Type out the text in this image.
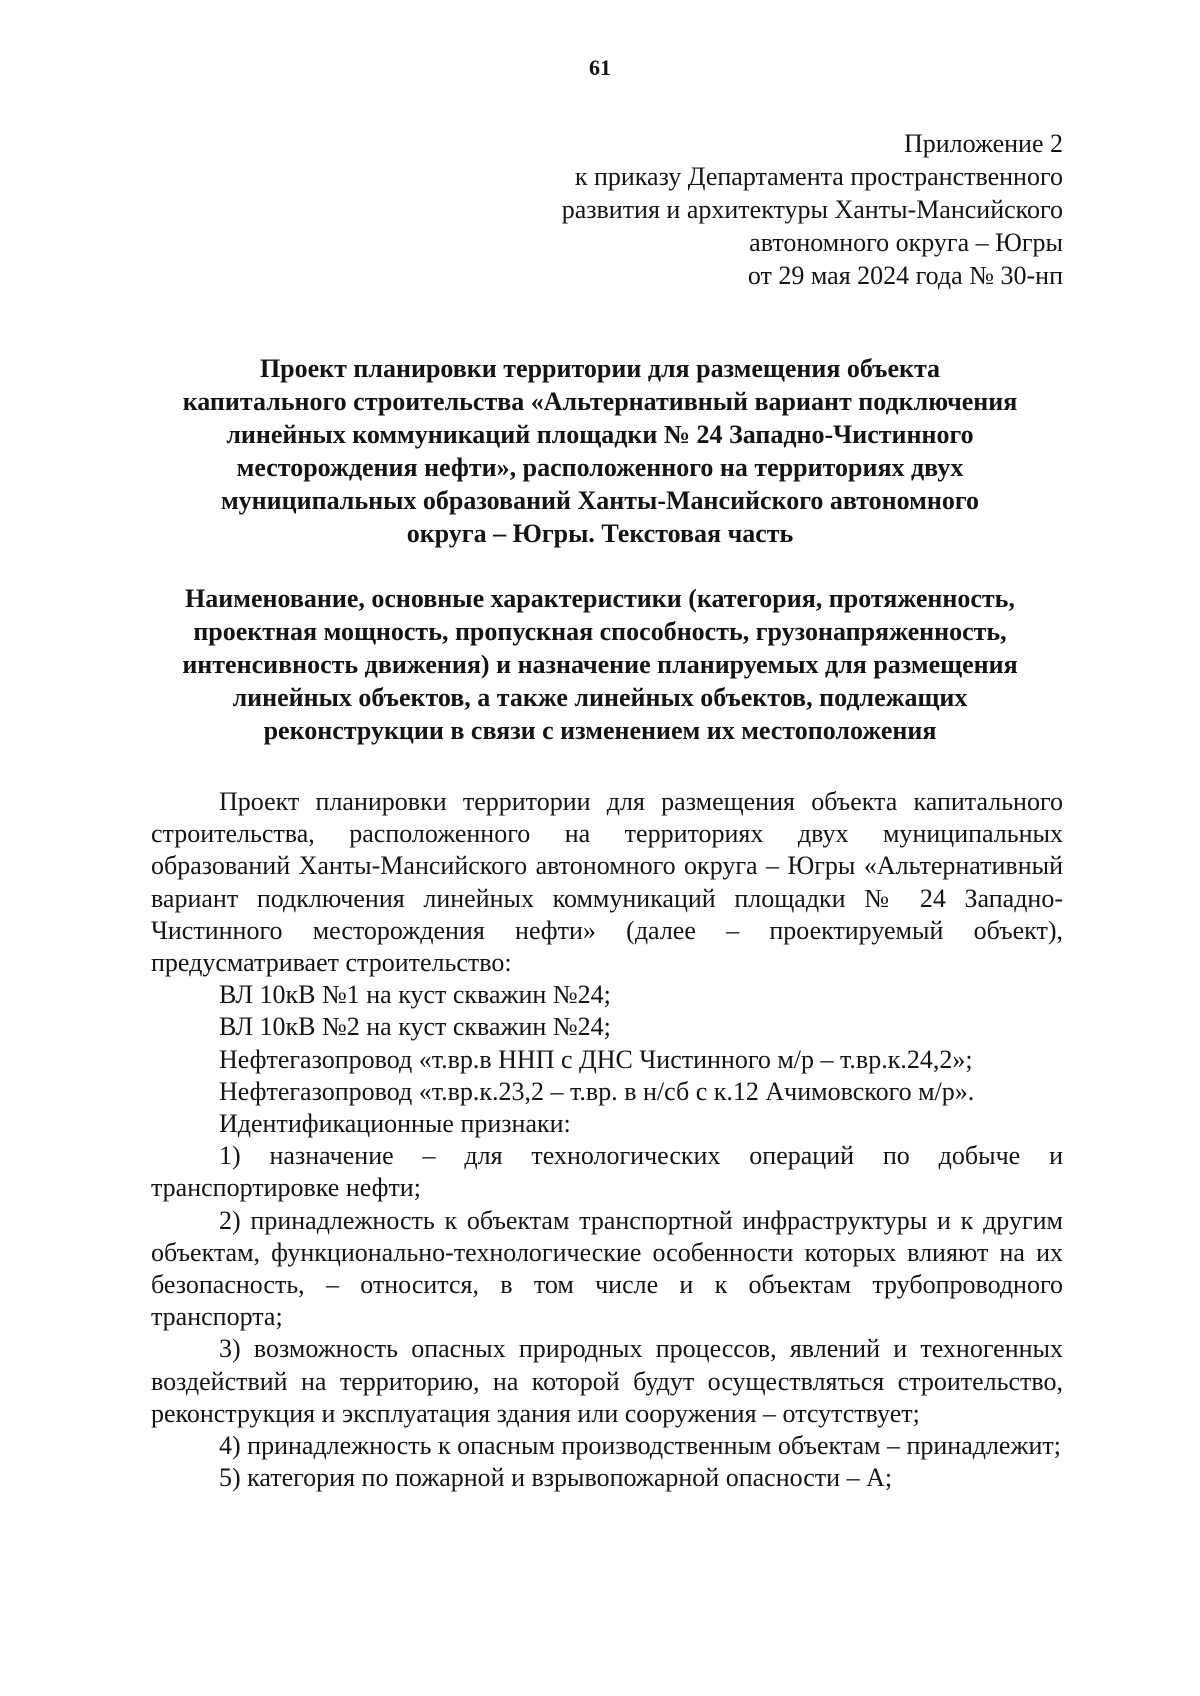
61
Приложение 2
к приказу Департамента пространственного
развития и архитектуры Ханты-Мансийского
автономного округа – Югры
от 29 мая 2024 года № 30-нп
Проект планировки территории для размещения объекта
капитального строительства «Альтернативный вариант подключения
линейных коммуникаций площадки № 24 Западно-Чистинного
месторождения нефти», расположенного на территориях двух
муниципальных образований Ханты-Мансийского автономного
округа – Югры. Текстовая часть
Наименование, основные характеристики (категория, протяженность,
проектная мощность, пропускная способность, грузонапряженность,
интенсивность движения) и назначение планируемых для размещения
линейных объектов, а также линейных объектов, подлежащих
реконструкции в связи с изменением их местоположения

Проект планировки территории для размещения объекта капитального строительства, расположенного на территориях двух муниципальных образований Ханты-Мансийского автономного округа – Югры «Альтернативный вариант подключения линейных коммуникаций площадки № 24 Западно-Чистинного месторождения нефти» (далее – проектируемый объект), предусматривает строительство:

ВЛ 10кВ №1 на куст скважин №24;

ВЛ 10кВ №2 на куст скважин №24;

Нефтегазопровод «т.вр.в ННП с ДНС Чистинного м/р – т.вр.к.24,2»;

Нефтегазопровод «т.вр.к.23,2 – т.вр. в н/сб с к.12 Ачимовского м/р».

Идентификационные признаки:

1) назначение – для технологических операций по добыче и транспортировке нефти;

2) принадлежность к объектам транспортной инфраструктуры и к другим объектам, функционально-технологические особенности которых влияют на их безопасность, – относится, в том числе и к объектам трубопроводного транспорта;

3) возможность опасных природных процессов, явлений и техногенных воздействий на территорию, на которой будут осуществляться строительство, реконструкция и эксплуатация здания или сооружения – отсутствует;

4) принадлежность к опасным производственным объектам – принадлежит;

5) категория по пожарной и взрывопожарной опасности – А;
